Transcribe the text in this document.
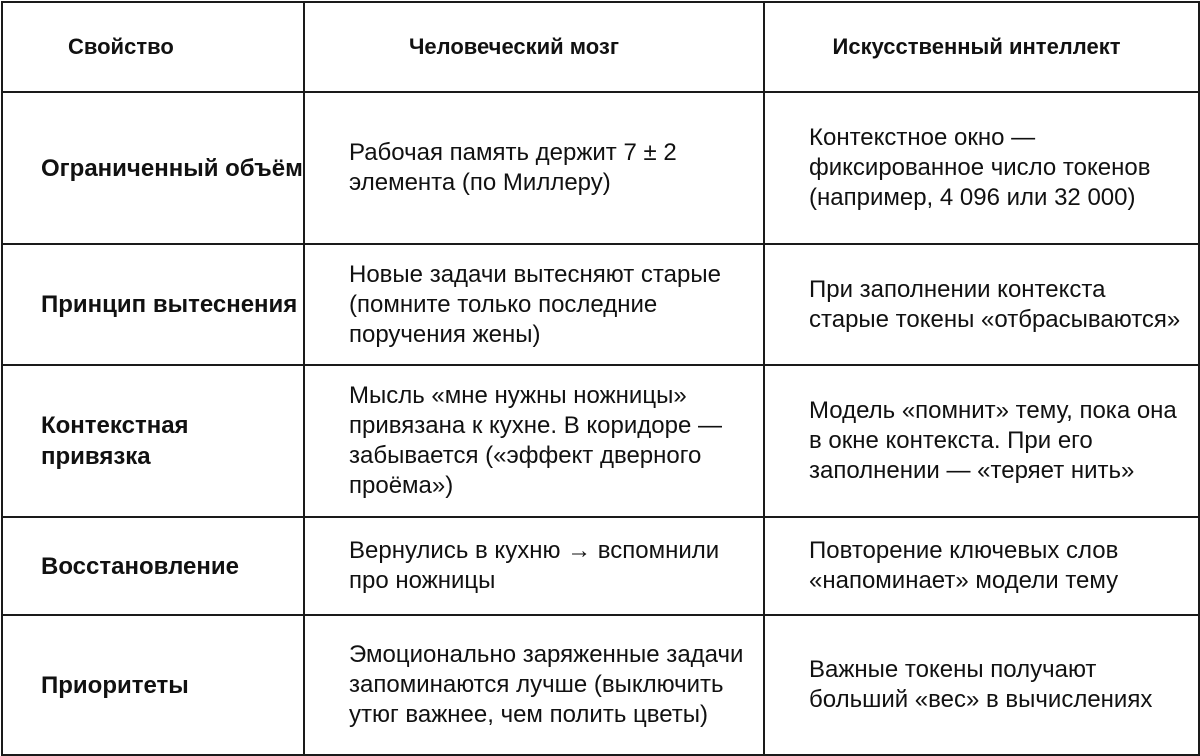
Свойство	Человеческий мозг	Искусственный интеллект
Ограниченный объём	Рабочая память держит 7 ± 2 элемента (по Миллеру)	Контекстное окно — фиксированное число токенов (например, 4 096 или 32 000)
Принцип вытеснения	Новые задачи вытесняют старые (помните только последние поручения жены)	При заполнении контекста старые токены «отбрасываются»
Контекстная привязка	Мысль «мне нужны ножницы» привязана к кухне. В коридоре — забывается («эффект дверного проёма»)	Модель «помнит» тему, пока она в окне контекста. При его заполнении — «теряет нить»
Восстановление	Вернулись в кухню → вспомнили про ножницы	Повторение ключевых слов «напоминает» модели тему
Приоритеты	Эмоционально заряженные задачи запоминаются лучше (выключить утюг важнее, чем полить цветы)	Важные токены получают больший «вес» в вычислениях
